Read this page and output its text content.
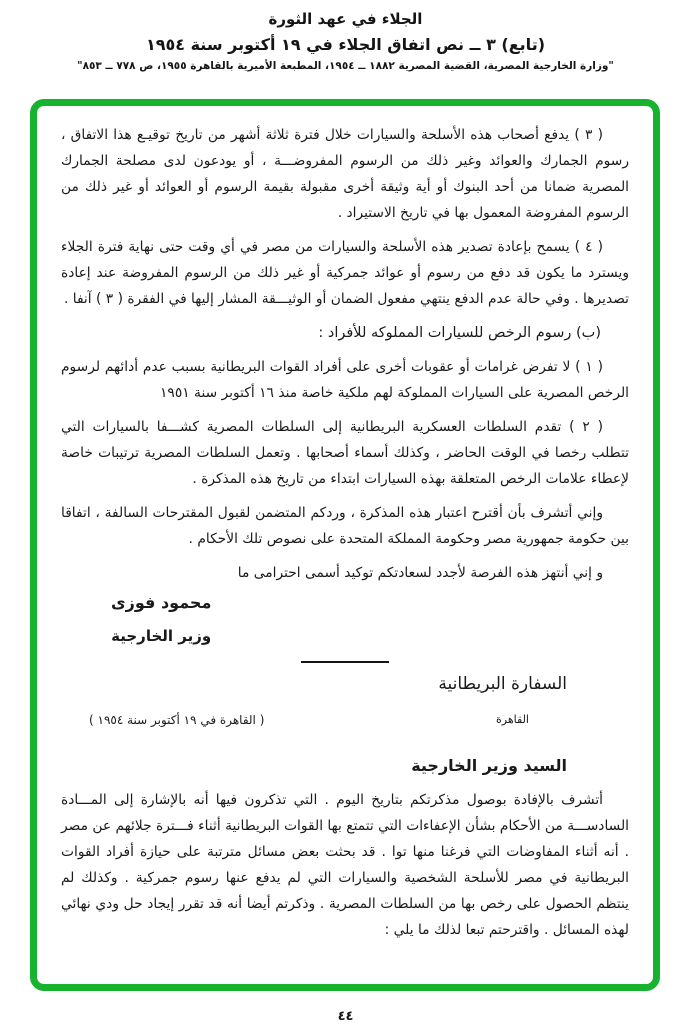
الجلاء في عهد الثورة
(تابع) ٣ ــ نص اتفاق الجلاء في ١٩ أكتوبر سنة ١٩٥٤
"وزارة الخارجية المصرية، القضية المصرية ١٨٨٢ ــ ١٩٥٤، المطبعة الأميرية بالقاهرة ١٩٥٥، ص ٧٧٨ ــ ٨٥٣"

( ٣ ) يدفع أصحاب هذه الأسلحة والسيارات خلال فترة ثلاثة أشهر من تاريخ توقيـع هذا الاتفاق ، رسوم الجمارك والعوائد وغير ذلك من الرسوم المفروضـــة ، أو يودعون لدى مصلحة الجمارك المصرية ضمانا من أحد البنوك أو أية وثيقة أخرى مقبولة بقيمة الرسوم أو العوائد أو غير ذلك من الرسوم المفروضة المعمول بها في تاريخ الاستيراد .

( ٤ ) يسمح بإعادة تصدير هذه الأسلحة والسيارات من مصر في أي وقت حتى نهاية فترة الجلاء ويسترد ما يكون قد دفع من رسوم أو عوائد جمركية أو غير ذلك من الرسوم المفروضة عند إعادة تصديرها . وفي حالة عدم الدفع ينتهي مفعول الضمان أو الوثيـــقة المشار إليها في الفقرة ( ٣ ) آنفا .

(ب) رسوم الرخص للسيارات المملوكه للأفراد :

( ١ ) لا تفرض غرامات أو عقوبات أخرى على أفراد القوات البريطانية بسبب عدم أدائهم لرسوم الرخص المصرية على السيارات المملوكة لهم ملكية خاصة منذ ١٦ أكتوبر سنة ١٩٥١

( ٢ ) تقدم السلطات العسكرية البريطانية إلى السلطات المصرية كشـــفا بالسيارات التي تتطلب رخصا في الوقت الحاضر ، وكذلك أسماء أصحابها . وتعمل السلطات المصرية ترتيبات خاصة لإعطاء علامات الرخص المتعلقة بهذه السيارات ابتداء من تاريخ هذه المذكرة .

وإني أتشرف بأن أقترح اعتبار هذه المذكرة ، وردكم المتضمن لقبول المقترحات السالفة ، اتفاقا بين حكومة جمهورية مصر وحكومة المملكة المتحدة على نصوص تلك الأحكام .

و إني أنتهز هذه الفرصة لأجدد لسعادتكم توكيد أسمى احترامى ما
محمود فوزى
وزير الخارجية
السفارة البريطانية
القاهرة
( القاهرة في ١٩ أكتوبر سنة ١٩٥٤ )
السيد وزير الخارجية

أتشرف بالإفادة بوصول مذكرتكم بتاريخ اليوم . التي تذكرون فيها أنه بالإشارة إلى المـــادة السادســـة من الأحكام بشأن الإعفاءات التي تتمتع بها القوات البريطانية أثناء فـــترة جلائهم عن مصر . أنه أثناء المفاوضات التي فرغنا منها توا . قد بحثت بعض مسائل مترتبة على حيازة أفراد القوات البريطانية في مصر للأسلحة الشخصية والسيارات التي لم يدفع عنها رسوم جمركية . وكذلك لم ينتظم الحصول على رخص بها من السلطات المصرية . وذكرتم أيضا أنه قد تقرر إيجاد حل ودي نهائي لهذه المسائل . واقترحتم تبعا لذلك ما يلي :

٤٤
